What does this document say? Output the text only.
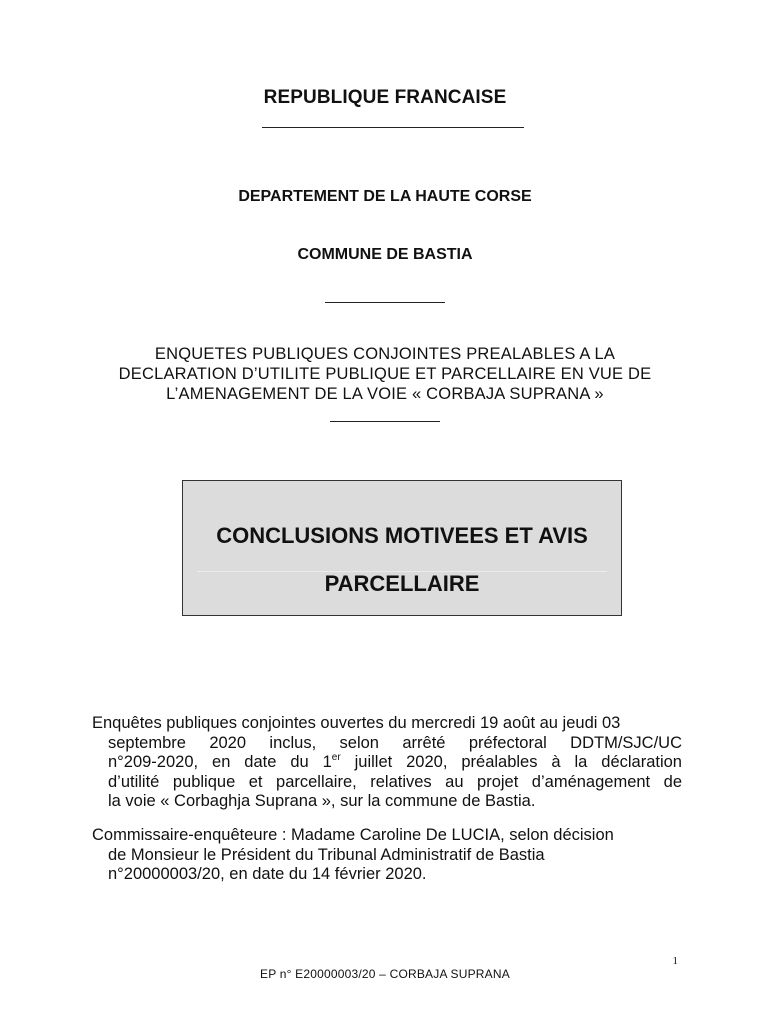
REPUBLIQUE FRANCAISE
DEPARTEMENT DE LA HAUTE CORSE
COMMUNE DE BASTIA
ENQUETES PUBLIQUES CONJOINTES PREALABLES A LA
DECLARATION D’UTILITE PUBLIQUE ET PARCELLAIRE EN VUE DE
L’AMENAGEMENT DE LA VOIE « CORBAJA SUPRANA »
CONCLUSIONS MOTIVEES ET AVIS
PARCELLAIRE
Enquêtes publiques conjointes ouvertes du mercredi 19 août au jeudi 03
septembre 2020 inclus, selon arrêté préfectoral DDTM/SJC/UC
n°209-2020, en date du 1er juillet 2020, préalables à la déclaration
d’utilité publique et parcellaire, relatives au projet d’aménagement de
la voie « Corbaghja Suprana », sur la commune de Bastia.
Commissaire-enquêteure : Madame Caroline De LUCIA, selon décision
de Monsieur le Président du Tribunal Administratif de Bastia
n°20000003/20, en date du 14 février 2020.
1
EP n° E20000003/20 – CORBAJA SUPRANA
